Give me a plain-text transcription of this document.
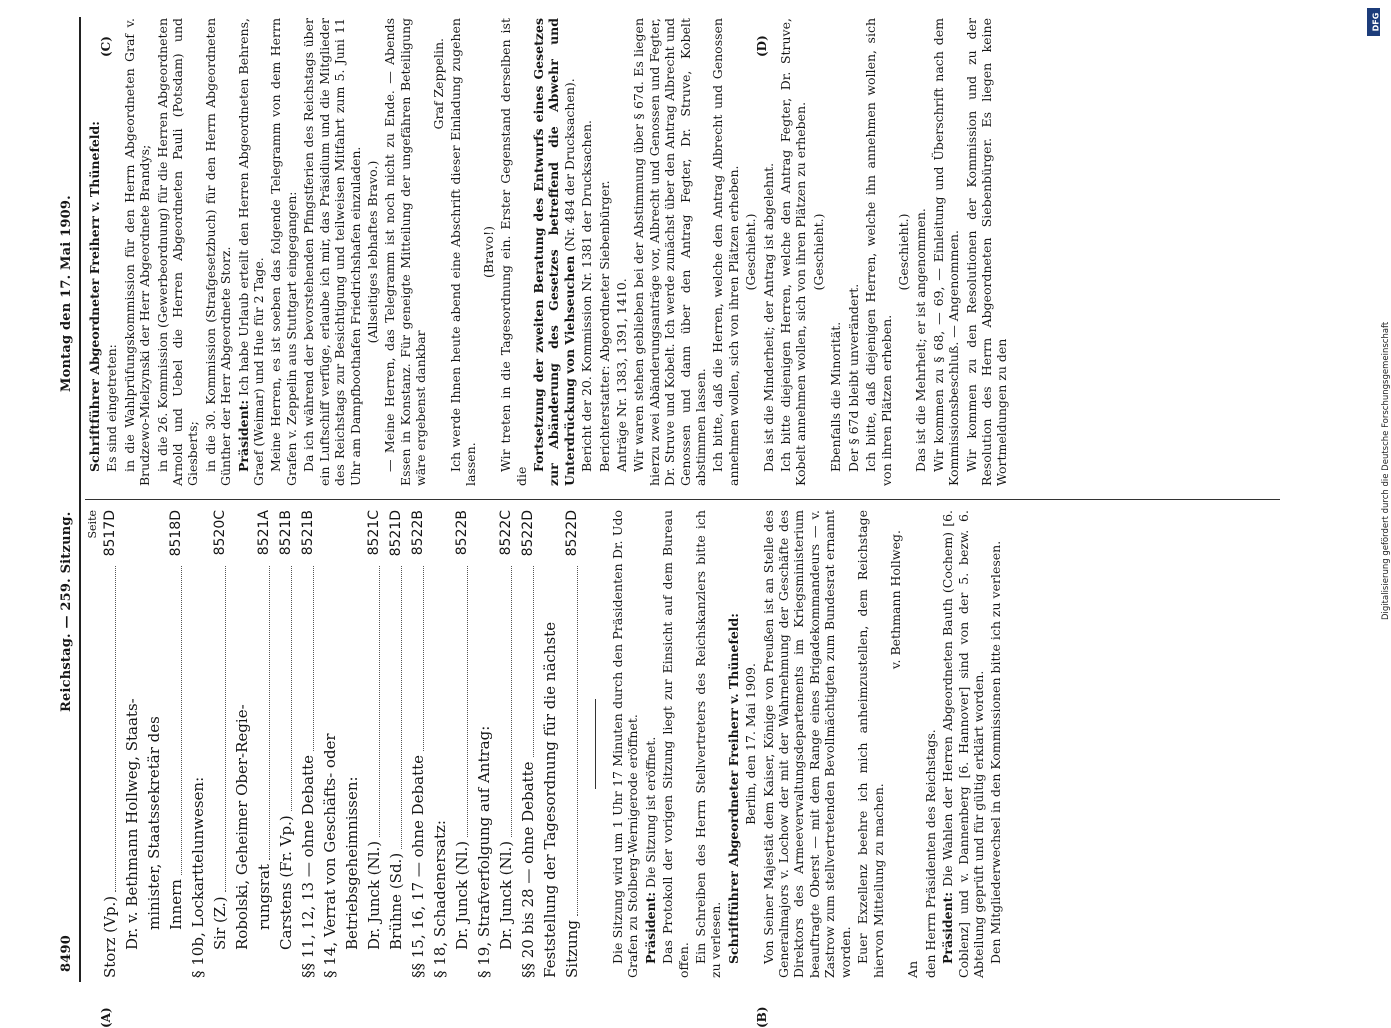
8490
Reichstag. — 259. Sitzung.
Montag den 17. Mai 1909.
(A)	(B)
(C)	(D)
Seite
Storz (Vp.)
8517D
Dr. v. Bethmann Hollweg, Staats- minister, Staatssekretär des Innern
8518D
§ 10b, Lockarttelunwesen: Sir (Z.)
8520C
Robolski, Geheimer Ober-Regie- rungsrat
8521A
Carstens (Fr. Vp.)
8521B
§§ 11, 12, 13 — ohne Debatte
8521B
§ 14, Verrat von Geschäfts- oder Betriebsgeheimnissen: Dr. Junck (Nl.)
8521C
Brühne (Sd.)
8521D
§§ 15, 16, 17 — ohne Debatte
8522B
§ 18, Schadenersatz: Dr. Junck (Nl.)
8522B
§ 19, Strafverfolgung auf Antrag: Dr. Junck (Nl.)
8522C
§§ 20 bis 28 — ohne Debatte
8522D
Feststellung der Tagesordnung für die nächste Sitzung
8522D Die Sitzung wird um 1 Uhr 17 Minuten durch den Präsidenten Dr. Udo Grafen zu Stolberg-Wernigerode eröffnet. Präsident: Die Sitzung ist eröffnet. Das Protokoll der vorigen Sitzung liegt zur Einsicht auf dem Bureau offen. Ein Schreiben des Herrn Stellvertreters des Reichskanzlers bitte ich zu verlesen. Schriftführer Abgeordneter Freiherr v. Thünefeld: Berlin, den 17. Mai 1909. Von Seiner Majestät dem Kaiser, Könige von Preußen ist an Stelle des Generalmajors v. Lochow der mit der Wahrnehmung der Geschäfte des Direktors des Armeeverwaltungsdepartements im Kriegsministerium beauftragte Oberst — mit dem Range eines Brigadekommandeurs — v. Zastrow zum stellvertretenden Bevollmächtigten zum Bundesrat ernannt worden. Euer Exzellenz beehre ich mich anheimzustellen, dem Reichstage hiervon Mitteilung zu machen.

v. Bethmann Hollweg.

An den Herrn Präsidenten des Reichstags. Präsident: Die Wahlen der Herren Abgeordneten Bauth (Cochem) [6. Coblenz] und v. Dannenberg [6. Hannover] sind von der 5. bezw. 6. Abteilung geprüft und für gültig erklärt worden. Den Mitgliederwechsel in den Kommissionen bitte ich zu verlesen.

Schriftführer Abgeordneter Freiherr v. Thünefeld: Es sind eingetreten: in die Wahlprüfungskommission für den Herrn Abgeordneten Graf v. Brudzewo-Mielzynski der Herr Abgeordnete Brandys; in die 26. Kommission (Gewerbeordnung) für die Herren Abgeordneten Arnold und Uebel die Herren Abgeordneten Pauli (Potsdam) und Giesberts; in die 30. Kommission (Strafgesetzbuch) für den Herrn Abgeordneten Günther der Herr Abgeordnete Storz. Präsident: Ich habe Urlaub erteilt den Herren Abgeordneten Behrens, Graef (Weimar) und Hue für 2 Tage. Meine Herren, es ist soeben das folgende Telegramm von dem Herrn Grafen v. Zeppelin aus Stuttgart eingegangen: Da ich während der bevorstehenden Pfingstferien des Reichstags über ein Luftschiff verfüge, erlaube ich mir, das Präsidium und die Mitglieder des Reichstags zur Besichtigung und teilweisen Mitfahrt zum 5. Juni 11 Uhr am Dampfboothafen Friedrichshafen einzuladen. (Allseitiges lebhaftes Bravo.) — Meine Herren, das Telegramm ist noch nicht zu Ende. — Abends Essen in Konstanz. Für geneigte Mitteilung der ungefähren Beteiligung wäre ergebenst dankbar

Graf Zeppelin. Ich werde Ihnen heute abend eine Abschrift dieser Einladung zugehen lassen.

(Bravo!) Wir treten in die Tagesordnung ein. Erster Gegenstand derselben ist die

Fortsetzung der zweiten Beratung des Entwurfs eines Gesetzes zur Abänderung des Gesetzes betreffend die Abwehr und Unterdrückung von Viehseuchen (Nr. 484 der Drucksachen). Bericht der 20. Kommission Nr. 1381 der Drucksachen. Berichterstatter: Abgeordneter Siebenbürger. Anträge Nr. 1383, 1391, 1410. Wir waren stehen geblieben bei der Abstimmung über § 67d. Es liegen hierzu zwei Abänderungsanträge vor, Albrecht und Genossen und Fegter, Dr. Struve und Kobelt. Ich werde zunächst über den Antrag Albrecht und Genossen und dann über den Antrag Fegter, Dr. Struve, Kobelt abstimmen lassen. Ich bitte, daß die Herren, welche den Antrag Albrecht und Genossen annehmen wollen, sich von ihren Plätzen erheben. (Geschieht.) Das ist die Minderheit; der Antrag ist abgelehnt. Ich bitte diejenigen Herren, welche den Antrag Fegter, Dr. Struve, Kobelt annehmen wollen, sich von ihren Plätzen zu erheben. (Geschieht.)

Ebenfalls die Minorität. Der § 67d bleibt unverändert. Ich bitte, daß diejenigen Herren, welche ihn annehmen wollen, sich von ihren Plätzen erheben.

(Geschieht.) Das ist die Mehrheit; er ist angenommen. Wir kommen zu § 68, — 69, — Einleitung und Überschrift nach dem Kommissionsbeschluß. — Angenommen. Wir kommen zu den Resolutionen der Kommission und zu der Resolution des Herrn Abgeordneten Siebenbürger. Es liegen keine Wortmeldungen zu den

DFG
Digitalisierung gefördert durch die Deutsche Forschungsgemeinschaft
